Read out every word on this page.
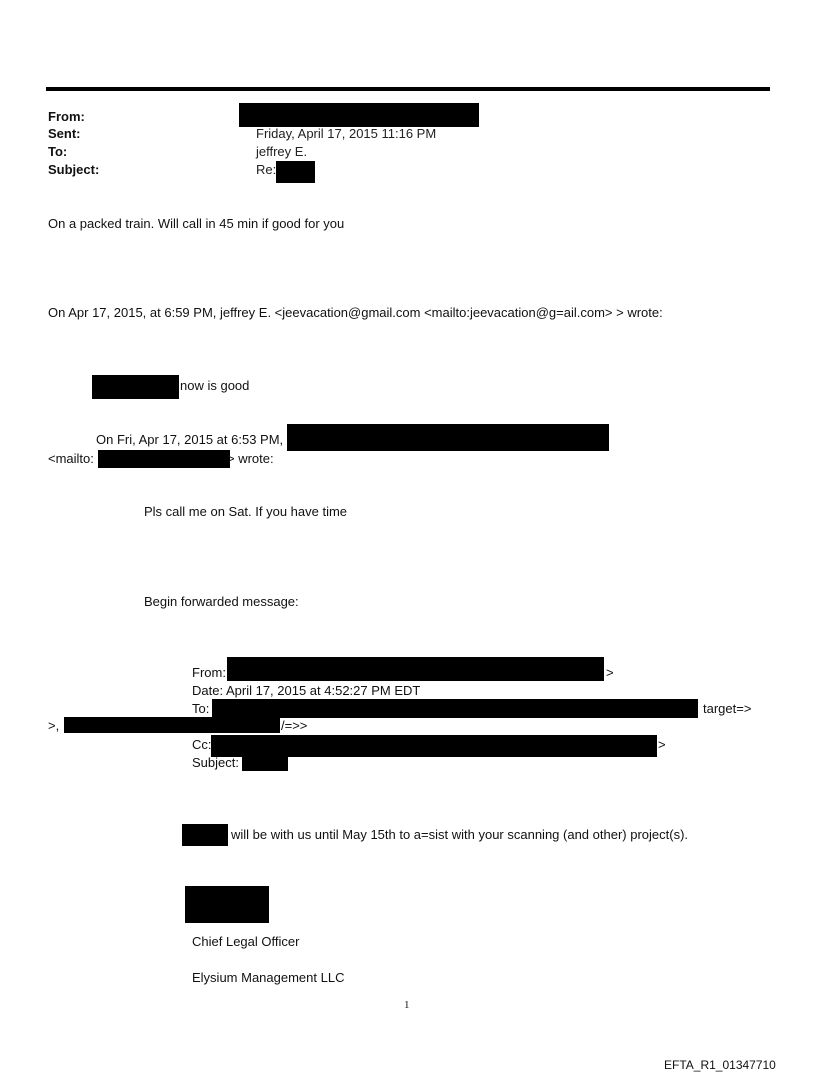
From:
Sent:	Friday, April 17, 2015 11:16 PM
To:	jeffrey E.
Subject:	Re:
On a packed train. Will call in 45 min if good for you
On Apr 17, 2015, at 6:59 PM, jeffrey E. <jeevacation@gmail.com <mailto:jeevacation@g=ail.com> > wrote:
now is good
On Fri, Apr 17, 2015 at 6:53 PM,
<mailto:	> wrote:
Pls call me on Sat. If you have time
Begin forwarded message:
From:	>
Date: April 17, 2015 at 4:52:27 PM EDT
To:	target=>
>,	/=>>
Cc:	>
Subject:
will be with us until May 15th to a=sist with your scanning (and other) project(s).
Chief Legal Officer
Elysium Management LLC
1
EFTA_R1_01347710
